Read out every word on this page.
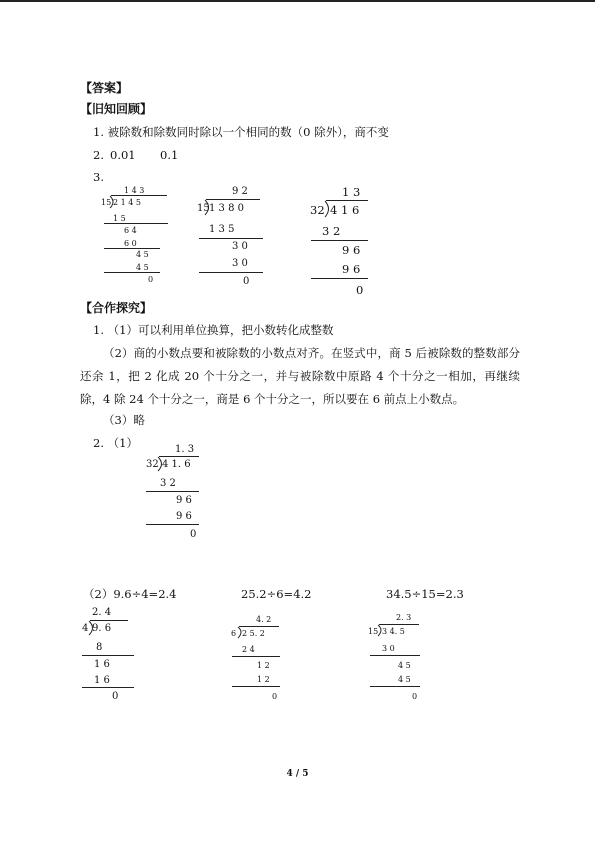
【答案】
【旧知回顾】
1. 被除数和除数同时除以一个相同的数（0 除外），商不变
2. 0.01 0.1
3.
1 4 3
15 2 1 4 5
1 5
6 4
6 0
4 5
4 5
0
9 2
15 1 3 8 0
1 3 5
3 0
3 0
0
1 3
32 4 1 6
3 2
9 6
9 6
0
【合作探究】
1. （1）可以利用单位换算，把小数转化成整数
（2）商的小数点要和被除数的小数点对齐。在竖式中，商 5 后被除数的整数部分还余 1，把 2 化成 20 个十分之一，并与被除数中原路 4 个十分之一相加，再继续除，4 除 24 个十分之一，商是 6 个十分之一，所以要在 6 前点上小数点。
（3）略
2. （1）	1. 3
32 4 1. 6
3 2
9 6
9 6
0
（2）9.6÷4=2.4	25.2÷6=4.2	34.5÷15=2.3
2. 4
4 9. 6
8
1 6
1 6
0
4. 2
6 2 5. 2
2 4
1 2
1 2
0
2. 3
15 3 4. 5
3 0
4 5
4 5
0
4 / 5
